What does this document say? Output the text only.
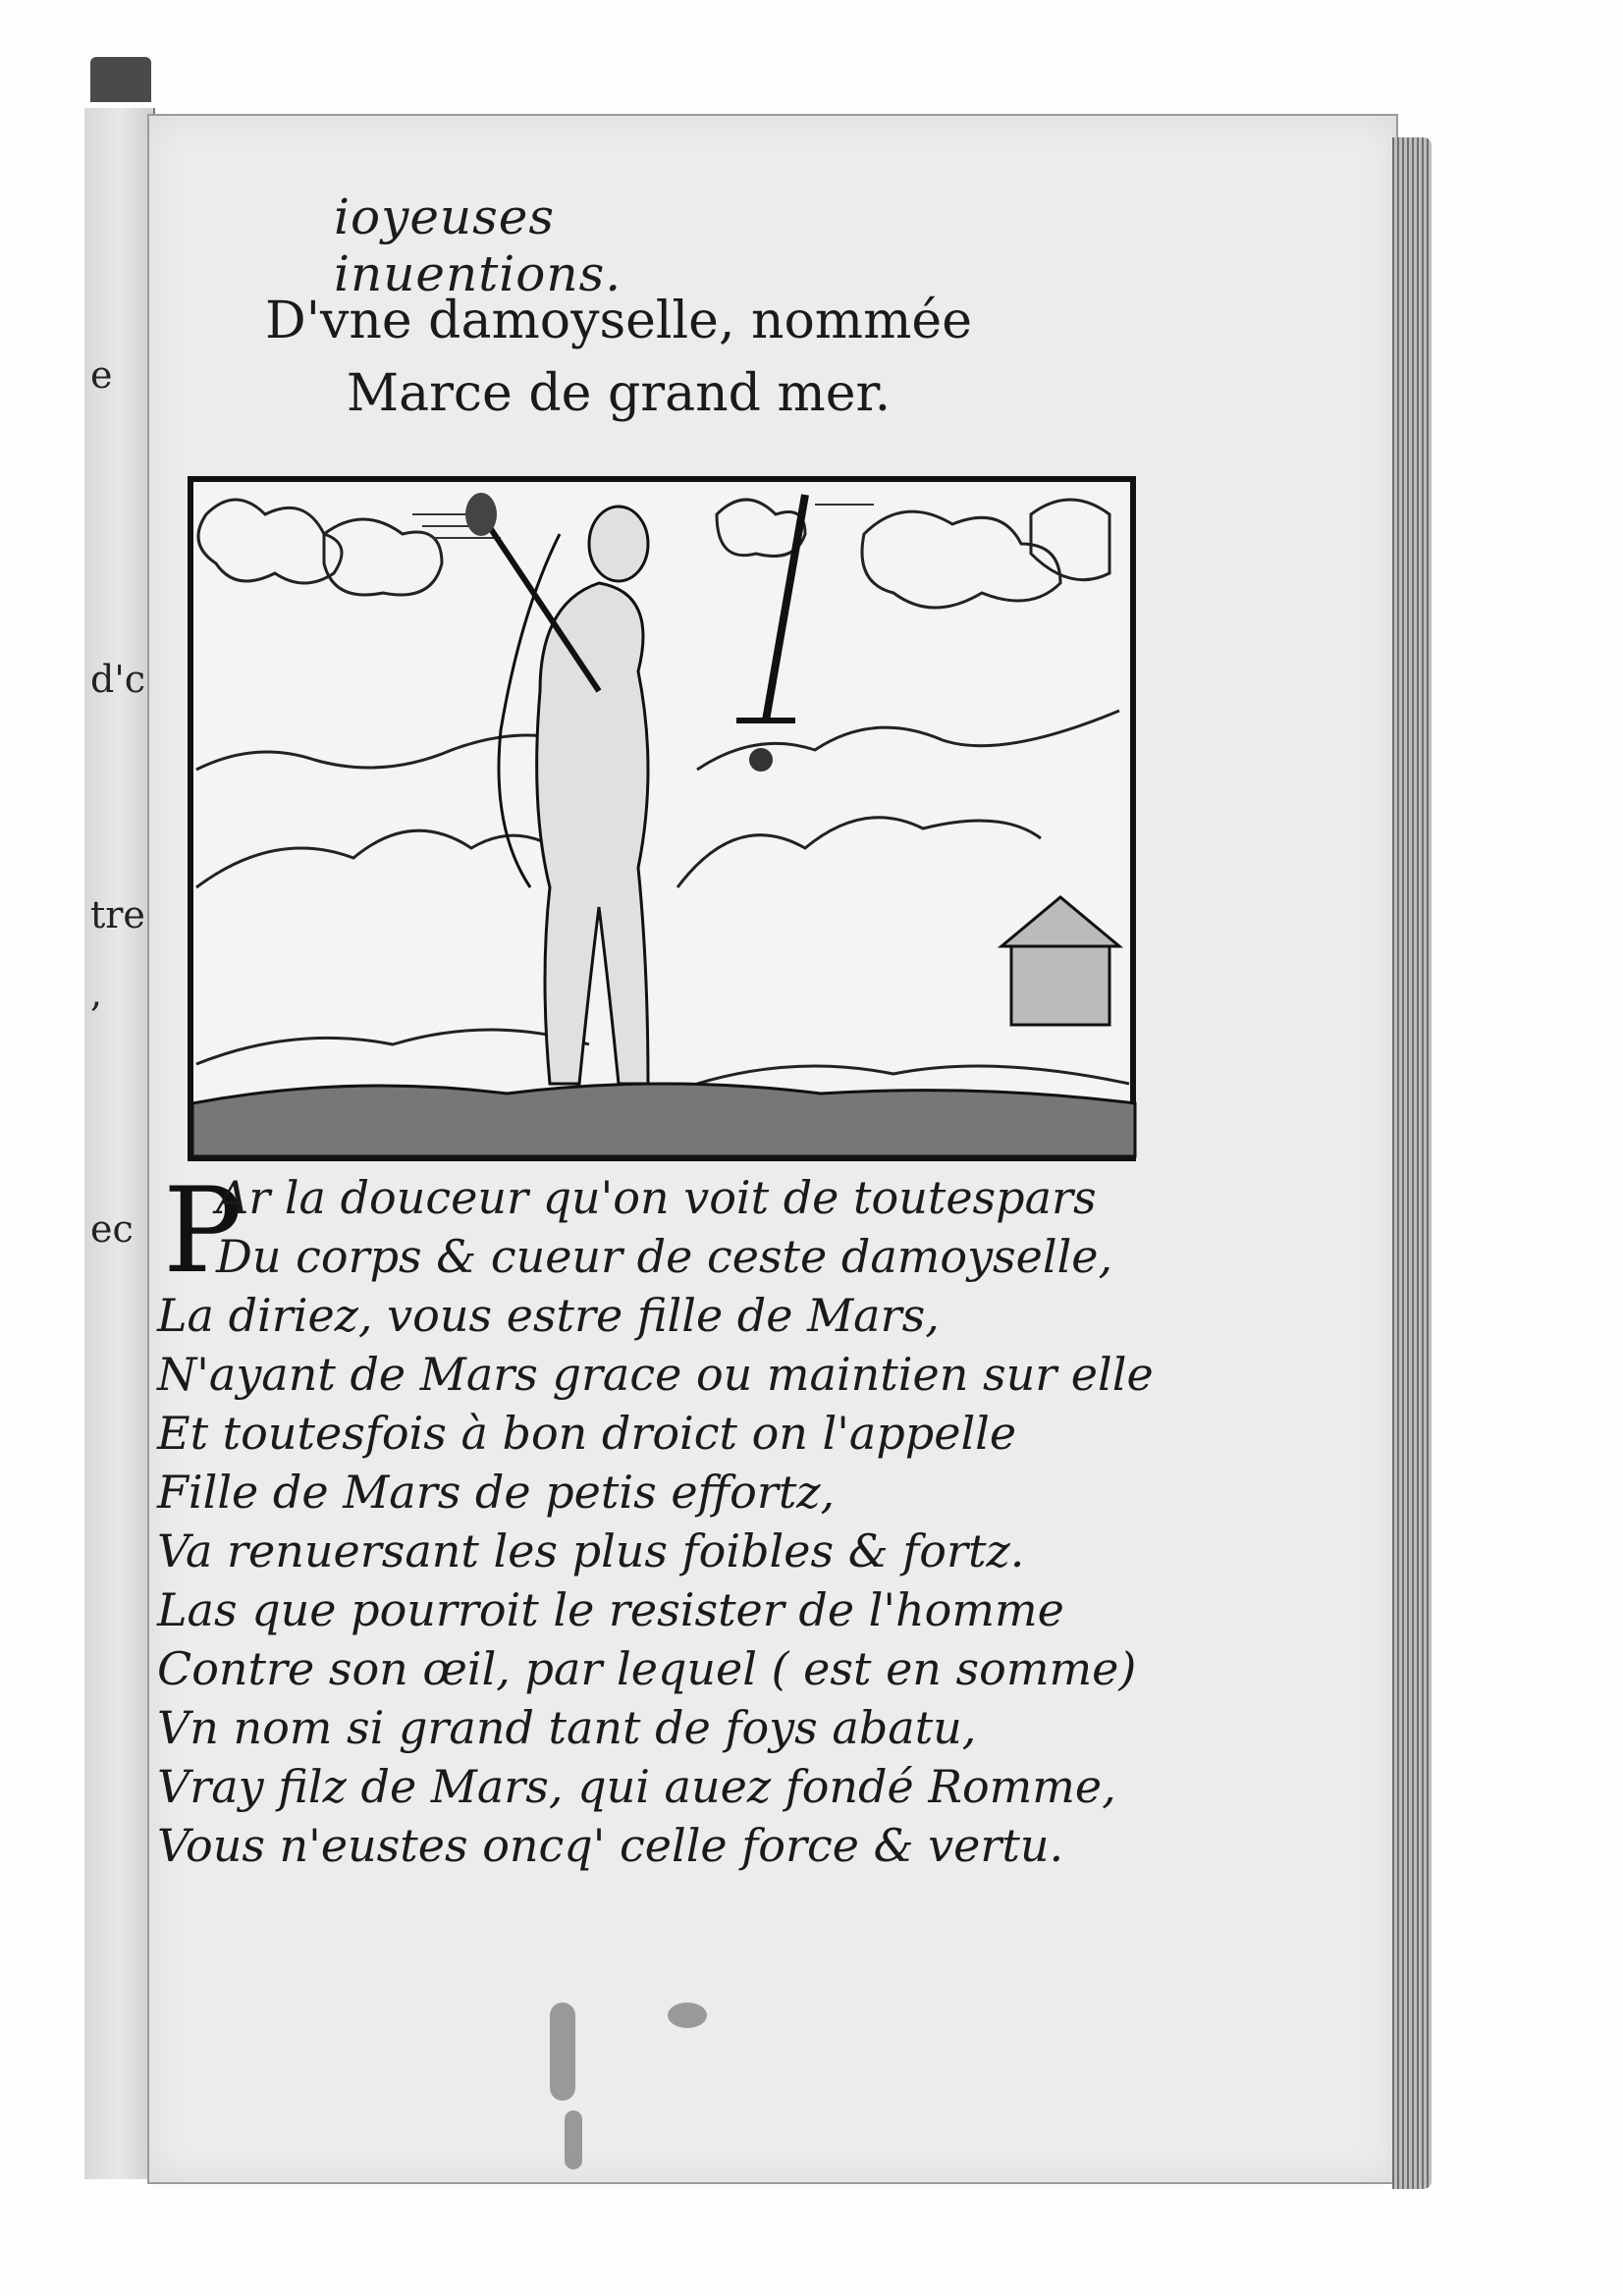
e
d'c
tre
,
ec
ioyeuses inuentions.
D'vne damoyselle, nommée
Marce de grand mer.
P
Ar la douceur qu'on voit de toutespars
Du corps & cueur de ceste damoyselle,
La diriez, vous estre fille de Mars,
N'ayant de Mars grace ou maintien sur elle
Et toutesfois à bon droict on l'appelle
Fille de Mars de petis effortz,
Va renuersant les plus foibles & fortz.
Las que pourroit le resister de l'homme
Contre son œil, par lequel ( est en somme)
Vn nom si grand tant de foys abatu,
Vray filz de Mars, qui auez fondé Romme,
Vous n'eustes oncq' celle force & vertu.
